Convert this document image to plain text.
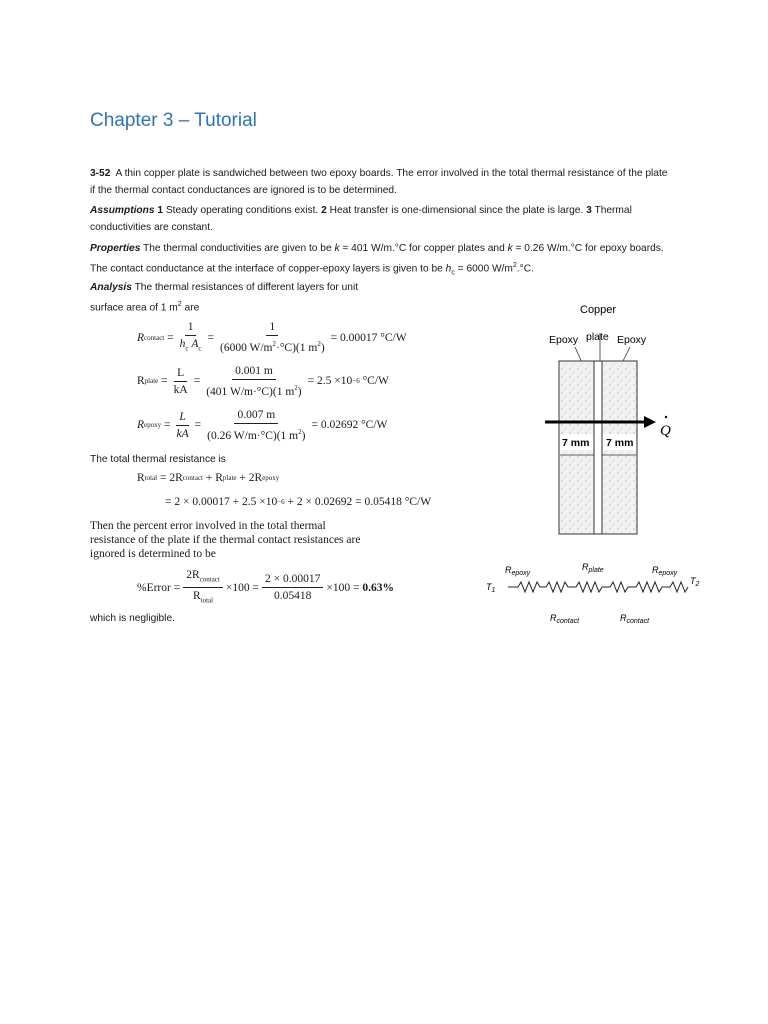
Chapter 3 – Tutorial
3-52 A thin copper plate is sandwiched between two epoxy boards. The error involved in the total thermal resistance of the plate if the thermal contact conductances are ignored is to be determined.
Assumptions 1 Steady operating conditions exist. 2 Heat transfer is one-dimensional since the plate is large. 3 Thermal conductivities are constant.
Properties The thermal conductivities are given to be k = 401 W/m.°C for copper plates and k = 0.26 W/m.°C for epoxy boards. The contact conductance at the interface of copper-epoxy layers is given to be $h_c = 6000$ $W/m^2.^\circ C$.
Analysis The thermal resistances of different layers for unit
surface area of 1 $m^2$ are
R contact = $\frac{1}{h_c A_c} = \frac{1}{(6000 W/m^2\cdot^\circ C)(1 m^2)} = 0.00017$ °C/W
R plate = $\frac{L}{kA} = \frac{0.001 m}{(401 W/m\cdot^\circ C)(1 m^2)} = 2.5 \times 10 -6$
°C/W
R epoxy = $\frac{L}{kA} = \frac{0.007 m}{(0.26 W/m\cdot^\circ C)(1 m^2)} = 0.02692$ °C/W
The total thermal resistance is
R total
= 2R contact
+ R plate
+ 2R epoxy
= 2 × 0.00017 + 2.5 ×10 −6
+ 2 × 0.02692 = 0.05418 °C/W
Then the percent error involved in the total thermal
resistance of the plate if the thermal contact resistances are
ignored is determined to be
%Error = $\frac{2R_{contact}}{R_{total}} \times 100 = \frac{2 \times 0.00017}{0.05418} \times 100$ =
0.63%
which is negligible.
Copper
plate
Epoxy	Epoxy
Q
7 mm 7 mm
$R_{epoxy}$
$R_{plate}$	$R_{epoxy}$
$T_1$
$T_2$
$R_{contact}$	$R_{contact}$
